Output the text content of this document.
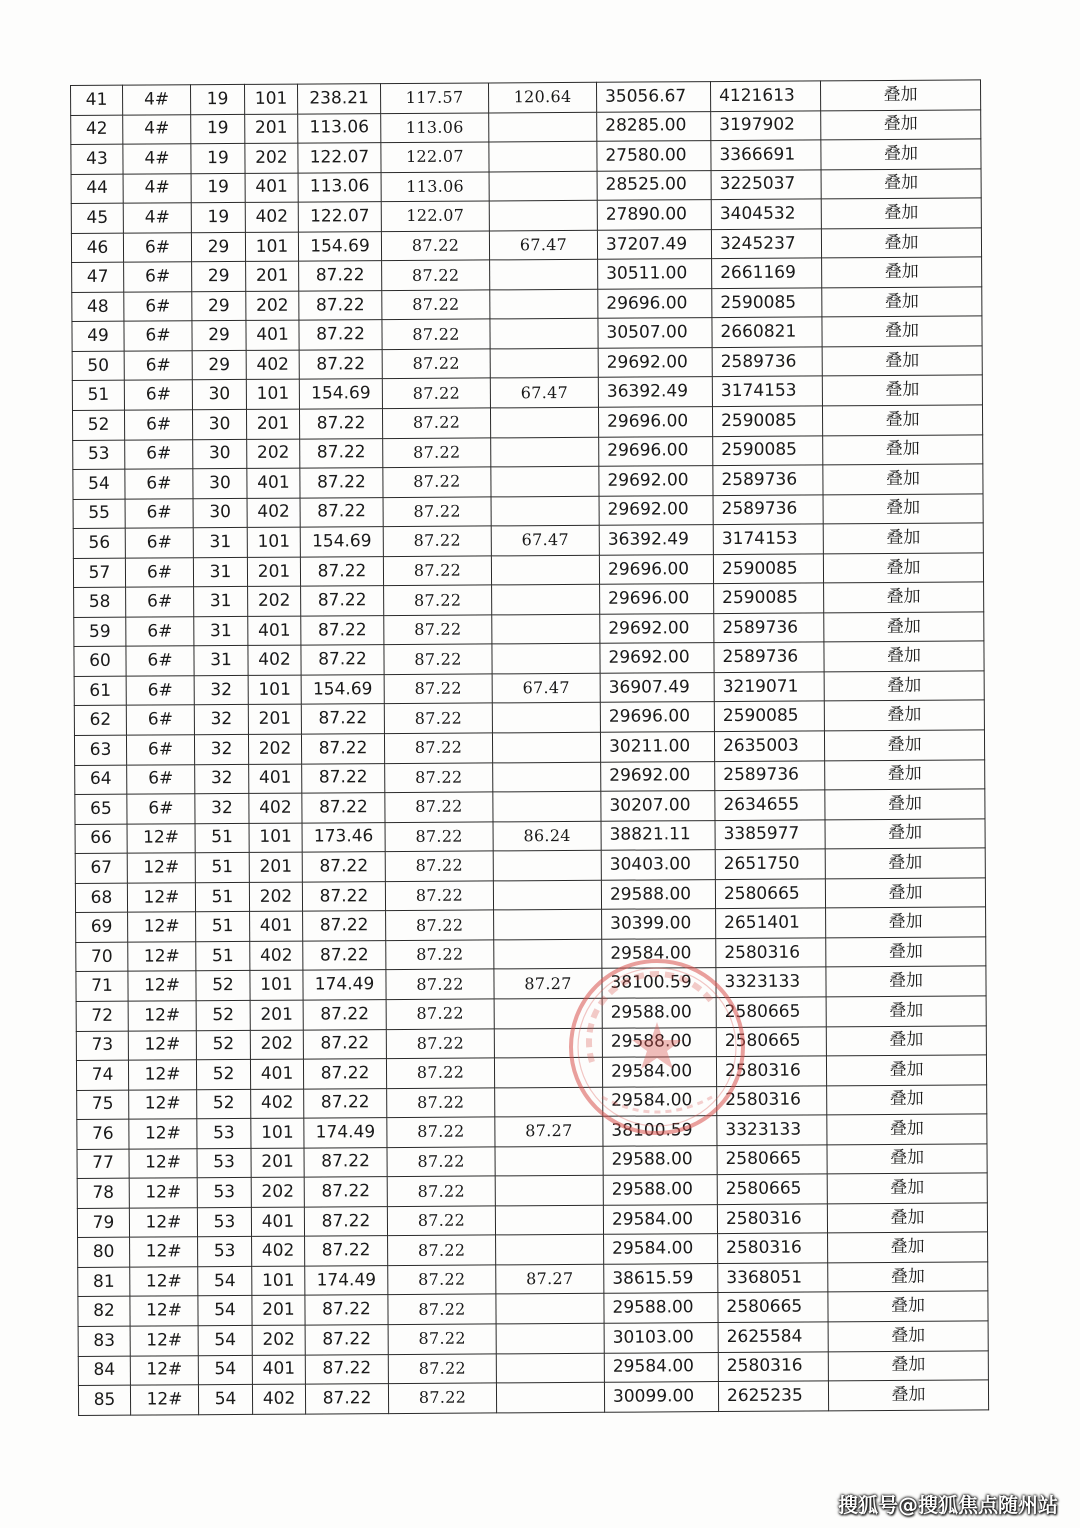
41	4#	19	101	238.21	117.57	120.64	35056.67	4121613	叠加
42	4#	19	201	113.06	113.06		28285.00	3197902	叠加
43	4#	19	202	122.07	122.07		27580.00	3366691	叠加
44	4#	19	401	113.06	113.06		28525.00	3225037	叠加
45	4#	19	402	122.07	122.07		27890.00	3404532	叠加
46	6#	29	101	154.69	87.22	67.47	37207.49	3245237	叠加
47	6#	29	201	87.22	87.22		30511.00	2661169	叠加
48	6#	29	202	87.22	87.22		29696.00	2590085	叠加
49	6#	29	401	87.22	87.22		30507.00	2660821	叠加
50	6#	29	402	87.22	87.22		29692.00	2589736	叠加
51	6#	30	101	154.69	87.22	67.47	36392.49	3174153	叠加
52	6#	30	201	87.22	87.22		29696.00	2590085	叠加
53	6#	30	202	87.22	87.22		29696.00	2590085	叠加
54	6#	30	401	87.22	87.22		29692.00	2589736	叠加
55	6#	30	402	87.22	87.22		29692.00	2589736	叠加
56	6#	31	101	154.69	87.22	67.47	36392.49	3174153	叠加
57	6#	31	201	87.22	87.22		29696.00	2590085	叠加
58	6#	31	202	87.22	87.22		29696.00	2590085	叠加
59	6#	31	401	87.22	87.22		29692.00	2589736	叠加
60	6#	31	402	87.22	87.22		29692.00	2589736	叠加
61	6#	32	101	154.69	87.22	67.47	36907.49	3219071	叠加
62	6#	32	201	87.22	87.22		29696.00	2590085	叠加
63	6#	32	202	87.22	87.22		30211.00	2635003	叠加
64	6#	32	401	87.22	87.22		29692.00	2589736	叠加
65	6#	32	402	87.22	87.22		30207.00	2634655	叠加
66	12#	51	101	173.46	87.22	86.24	38821.11	3385977	叠加
67	12#	51	201	87.22	87.22		30403.00	2651750	叠加
68	12#	51	202	87.22	87.22		29588.00	2580665	叠加
69	12#	51	401	87.22	87.22		30399.00	2651401	叠加
70	12#	51	402	87.22	87.22		29584.00	2580316	叠加
71	12#	52	101	174.49	87.22	87.27	38100.59	3323133	叠加
72	12#	52	201	87.22	87.22		29588.00	2580665	叠加
73	12#	52	202	87.22	87.22		29588.00	2580665	叠加
74	12#	52	401	87.22	87.22		29584.00	2580316	叠加
75	12#	52	402	87.22	87.22		29584.00	2580316	叠加
76	12#	53	101	174.49	87.22	87.27	38100.59	3323133	叠加
77	12#	53	201	87.22	87.22		29588.00	2580665	叠加
78	12#	53	202	87.22	87.22		29588.00	2580665	叠加
79	12#	53	401	87.22	87.22		29584.00	2580316	叠加
80	12#	53	402	87.22	87.22		29584.00	2580316	叠加
81	12#	54	101	174.49	87.22	87.27	38615.59	3368051	叠加
82	12#	54	201	87.22	87.22		29588.00	2580665	叠加
83	12#	54	202	87.22	87.22		30103.00	2625584	叠加
84	12#	54	401	87.22	87.22		29584.00	2580316	叠加
85	12#	54	402	87.22	87.22		30099.00	2625235	叠加
搜狐号@搜狐焦点随州站
